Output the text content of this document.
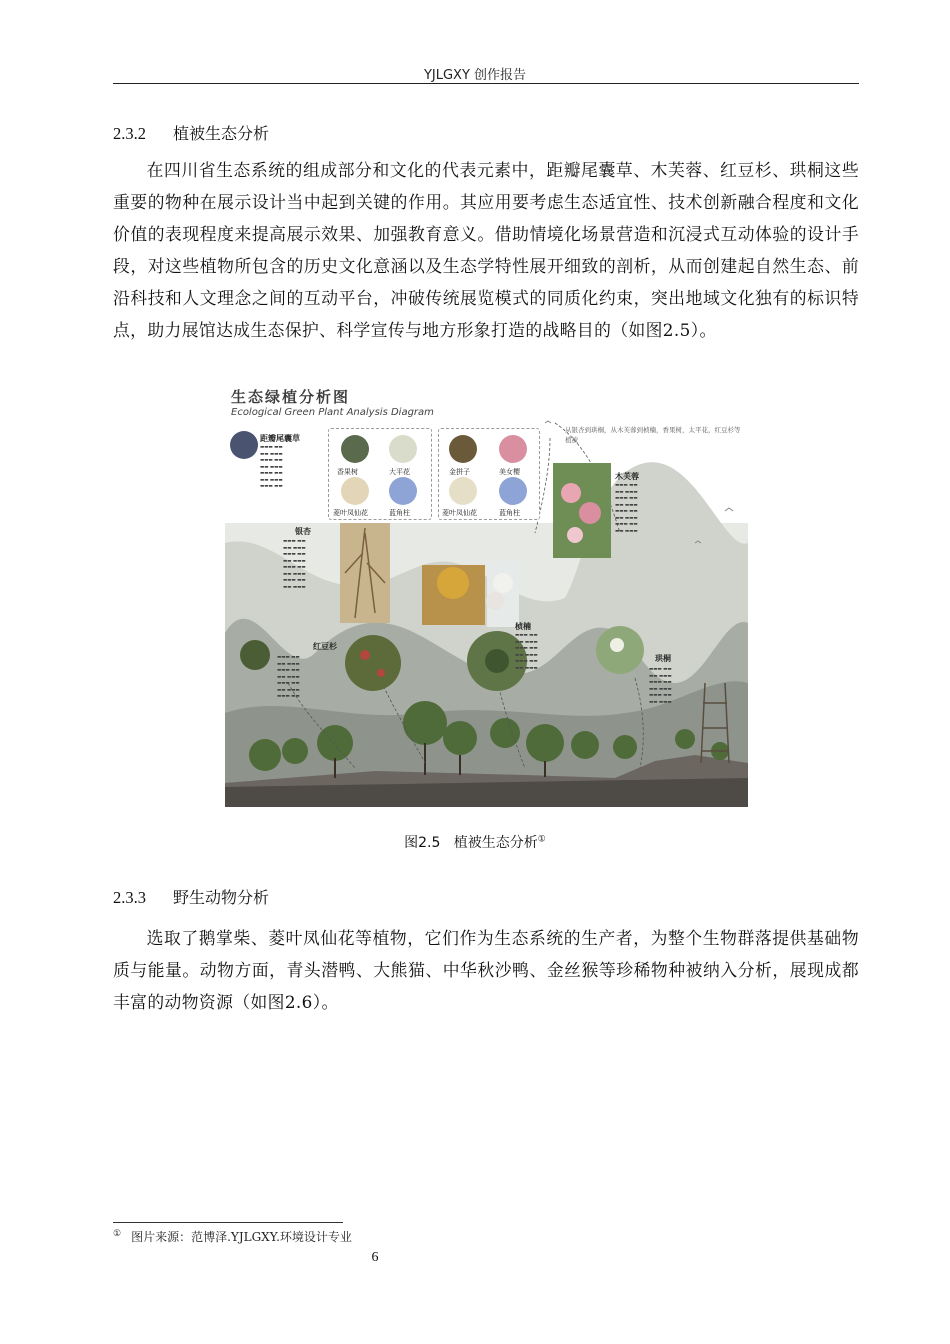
YJLGXY 创作报告
2.3.2 植被生态分析
在四川省生态系统的组成部分和文化的代表元素中，距瓣尾囊草、木芙蓉、红豆杉、珙桐这些重要的物种在展示设计当中起到关键的作用。其应用要考虑生态适宜性、技术创新融合程度和文化价值的表现程度来提高展示效果、加强教育意义。借助情境化场景营造和沉浸式互动体验的设计手段，对这些植物所包含的历史文化意涵以及生态学特性展开细致的剖析，从而创建起自然生态、前沿科技和人文理念之间的互动平台，冲破传统展览模式的同质化约束，突出地域文化独有的标识特点，助力展馆达成生态保护、科学宣传与地方形象打造的战略目的（如图2.5）。
生态绿植分析图
Ecological Green Plant Analysis Diagram
从银杏到珙桐，从木芙蓉到桢楠，香果树，太平花，红豆杉等植被
距瓣尾囊草
▬▬▬ ▬▬
▬▬ ▬▬▬
▬▬▬ ▬▬
▬▬ ▬▬▬
▬▬▬ ▬▬
▬▬ ▬▬▬
▬▬▬ ▬▬
香果树	大平花
菱叶凤仙花	蓝角柱
金拼子	美女樱
菱叶凤仙花	蓝角柱
银杏
▬▬▬ ▬▬
▬▬ ▬▬▬
▬▬▬ ▬▬
▬▬ ▬▬▬
▬▬▬ ▬▬
▬▬ ▬▬▬
▬▬▬ ▬▬
▬▬ ▬▬▬
木芙蓉
▬▬▬ ▬▬
▬▬ ▬▬▬
▬▬▬ ▬▬
▬▬ ▬▬▬
▬▬▬ ▬▬
▬▬ ▬▬▬
▬▬▬ ▬▬
▬▬ ▬▬▬
红豆杉
▬▬▬ ▬▬
▬▬ ▬▬▬
▬▬▬ ▬▬
▬▬ ▬▬▬
▬▬▬ ▬▬
▬▬ ▬▬▬
▬▬▬ ▬▬
桢楠
▬▬▬ ▬▬
▬▬ ▬▬▬
▬▬▬ ▬▬
▬▬ ▬▬▬
▬▬▬ ▬▬
▬▬ ▬▬▬
珙桐
▬▬▬ ▬▬
▬▬ ▬▬▬
▬▬▬ ▬▬
▬▬ ▬▬▬
▬▬▬ ▬▬
▬▬ ▬▬▬
图2.5 植被生态分析①
2.3.3 野生动物分析
选取了鹅掌柴、菱叶凤仙花等植物，它们作为生态系统的生产者，为整个生物群落提供基础物质与能量。动物方面，青头潜鸭、大熊猫、中华秋沙鸭、金丝猴等珍稀物种被纳入分析，展现成都丰富的动物资源（如图2.6）。
① 图片来源：范博泽.YJLGXY.环境设计专业
6
